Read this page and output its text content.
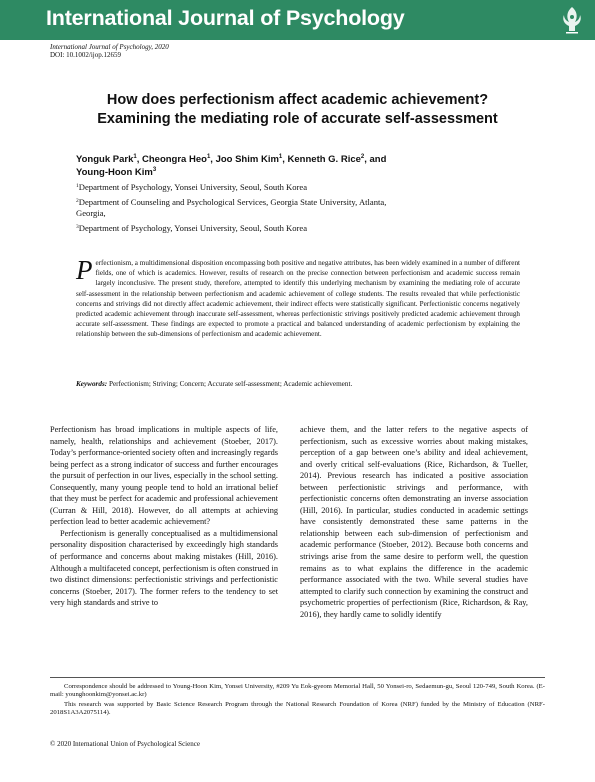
International Journal of Psychology
International Journal of Psychology, 2020
DOI: 10.1002/ijop.12659
How does perfectionism affect academic achievement?
Examining the mediating role of accurate self-assessment
Yonguk Park$^1$, Cheongra Heo$^1$, Joo Shim Kim$^1$, Kenneth G. Rice$^2$, and
Young-Hoon Kim$^3$
$^1$Department of Psychology, Yonsei University, Seoul, South Korea
$^2$Department of Counseling and Psychological Services, Georgia State University, Atlanta,
Georgia,
$^3$Department of Psychology, Yonsei University, Seoul, South Korea
Perfectionism, a multidimensional disposition encompassing both positive and negative attributes, has been widely examined in a number of different fields, one of which is academics. However, results of research on the precise connection between perfectionism and academic success remain largely inconclusive. The present study, therefore, attempted to identify this underlying mechanism by examining the mediating role of accurate self-assessment in the relationship between perfectionism and academic achievement of college students. The results revealed that while perfectionistic concerns and strivings did not directly affect academic achievement, their indirect effects were statistically significant. Perfectionistic concerns negatively predicted academic achievement through inaccurate self-assessment, whereas perfectionistic strivings positively predicted academic achievement through accurate self-assessment. These findings are expected to promote a practical and balanced understanding of academic perfectionism by explaining the relationship between the sub-dimensions of perfectionism and academic achievement.
Keywords: Perfectionism; Striving; Concern; Accurate self-assessment; Academic achievement.

Perfectionism has broad implications in multiple aspects of life, namely, health, relationships and achievement (Stoeber, 2017). Today’s performance-oriented society often and increasingly regards being perfect as a strong indicator of success and further encourages the pursuit of perfection in our lives, especially in the school setting. Consequently, many young people tend to hold an irrational belief that they must be perfect for academic and professional achievement (Curran & Hill, 2018). However, do all attempts at achieving perfection lead to better academic achievement?

Perfectionism is generally conceptualised as a multidimensional personality disposition characterised by exceedingly high standards of performance and concerns about making mistakes (Hill, 2016). Although a multifaceted concept, perfectionism is often construed in two distinct dimensions: perfectionistic strivings and perfectionistic concerns (Stoeber, 2017). The former refers to the tendency to set very high standards and strive to

achieve them, and the latter refers to the negative aspects of perfectionism, such as excessive worries about making mistakes, perception of a gap between one’s ability and ideal achievement, and overly critical self-evaluations (Rice, Richardson, & Tueller, 2014). Previous research has indicated a positive association between perfectionistic strivings and performance, with perfectionistic concerns often demonstrating an inverse association (Hill, 2016). In particular, studies conducted in academic settings have consistently demonstrated these same patterns in the relationship between each sub-dimension of perfectionism and academic performance (Stoeber, 2012). Because both concerns and strivings arise from the same desire to perform well, the question remains as to what explains the difference in the academic performance associated with the two. While several studies have attempted to clarify such connection by examining the construct and psychometric properties of perfectionism (Rice, Richardson, & Ray, 2016), they hardly came to solidly identify

Correspondence should be addressed to Young-Hoon Kim, Yonsei University, #209 Yu Eok-gyeom Memorial Hall, 50 Yonsei-ro, Sedaemun-gu, Seoul 120-749, South Korea. (E-mail: younghoonkim@yonsei.ac.kr)

This research was supported by Basic Science Research Program through the National Research Foundation of Korea (NRF) funded by the Ministry of Education (NRF-2018S1A3A2075114).

© 2020 International Union of Psychological Science
